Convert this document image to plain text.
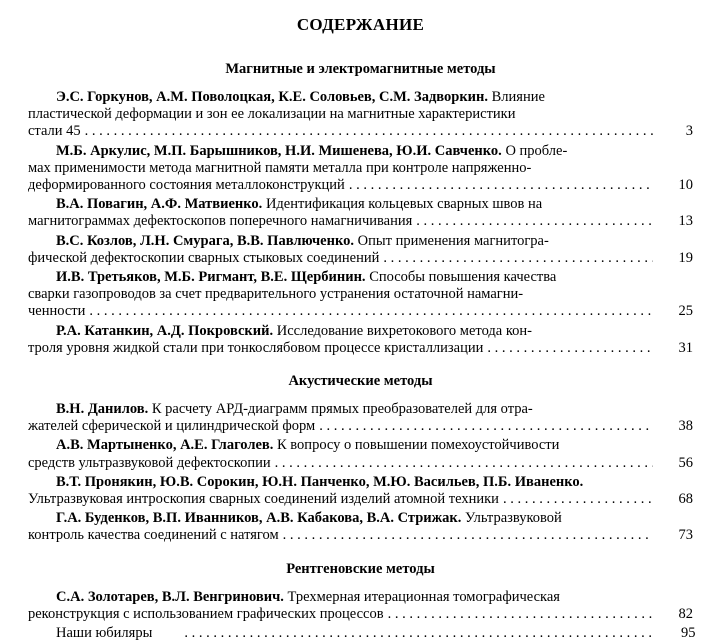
СОДЕРЖАНИЕ
Магнитные и электромагнитные методы
Э.С. Горкунов, А.М. Поволоцкая, К.Е. Соловьев, С.М. Задворкин. Влияние
пластической деформации и зон ее локализации на магнитные характеристики
стали 45 . . .	3
М.Б. Аркулис, М.П. Барышников, Н.И. Мишенева, Ю.И. Савченко. О пробле-
мах применимости метода магнитной памяти металла при контроле напряженно-
деформированного состояния металлоконструкций . . .	10
В.А. Повагин, А.Ф. Матвиенко. Идентификация кольцевых сварных швов на
магнитограммах дефектоскопов поперечного намагничивания . . .	13
В.С. Козлов, Л.Н. Смурага, В.В. Павлюченко. Опыт применения магнитогра-
фической дефектоскопии сварных стыковых соединений . . .	19
И.В. Третьяков, М.Б. Ригмант, В.Е. Щербинин. Способы повышения качества
сварки газопроводов за счет предварительного устранения остаточной намагни-
ченности . . .	25
Р.А. Катанкин, А.Д. Покровский. Исследование вихретокового метода кон-
троля уровня жидкой стали при тонкослябовом процессе кристаллизации . . .	31
Акустические методы
В.Н. Данилов. К расчету АРД-диаграмм прямых преобразователей для отра-
жателей сферической и цилиндрической форм . . .	38
А.В. Мартыненко, А.Е. Глаголев. К вопросу о повышении помехоустойчивости
средств ультразвуковой дефектоскопии . . .	56
В.Т. Пронякин, Ю.В. Сорокин, Ю.Н. Панченко, М.Ю. Васильев, П.Б. Иваненко.
Ультразвуковая интроскопия сварных соединений изделий атомной техники . . .	68
Г.А. Буденков, В.П. Иванников, А.В. Кабакова, В.А. Стрижак. Ультразвуковой
контроль качества соединений с натягом . . .	73
Рентгеновские методы
С.А. Золотарев, В.Л. Венгринович. Трехмерная итерационная томографическая
реконструкция с использованием графических процессов . . .	82
Наши юбиляры . . .	95
